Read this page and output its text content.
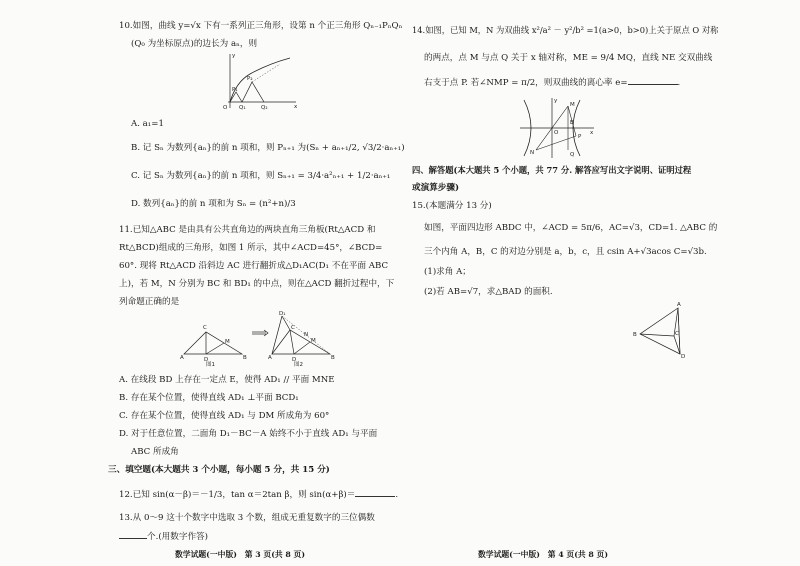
10.如图，曲线 y=√x 下有一系列正三角形，设第 n 个正三角形 Qₙ₋₁PₙQₙ
(Q₀ 为坐标原点)的边长为 aₙ，则
y
x
O
P₁
P₂
Q₁	Q₂
A. a₁=1
B. 记 Sₙ 为数列{aₙ}的前 n 项和，则 Pₙ₊₁ 为(Sₙ + aₙ₊₁/2, √3/2·aₙ₊₁)
C. 记 Sₙ 为数列{aₙ}的前 n 项和，则 Sₙ₊₁ = 3/4·a²ₙ₊₁ + 1/2·aₙ₊₁
D. 数列{aₙ}的前 n 项和为 Sₙ = (n²+n)/3
11.已知△ABC 是由具有公共直角边的两块直角三角板(Rt△ACD 和
Rt△BCD)组成的三角形，如图 1 所示，其中∠ACD=45°，∠BCD=
60°. 现将 Rt△ACD 沿斜边 AC 进行翻折成△D₁AC(D₁ 不在平面 ABC
上)，若 M，N 分别为 BC 和 BD₁ 的中点，则在△ACD 翻折过程中，下
列命题正确的是
A
C
D	B
M
图1
D₁
A
C
D	B
M
N
图2
A. 在线段 BD 上存在一定点 E，使得 AD₁ // 平面 MNE
B. 存在某个位置，使得直线 AD₁ ⊥平面 BCD₁
C. 存在某个位置，使得直线 AD₁ 与 DM 所成角为 60°
D. 对于任意位置，二面角 D₁－BC－A 始终不小于直线 AD₁ 与平面
ABC 所成角
三、填空题(本大题共 3 个小题，每小题 5 分，共 15 分)
12.已知 sin(α－β)＝－1/3，tan α＝2tan β，则 sin(α+β)＝	.
13.从 0～9 这十个数字中选取 3 个数，组成无重复数字的三位偶数
个.(用数字作答)
数学试题(一中版)　第 3 页(共 8 页)
14.如图，已知 M，N 为双曲线 x²/a² － y²/b² =1(a>0，b>0)上关于原点 O 对称
的两点，点 M 与点 Q 关于 x 轴对称，ME = 9/4 MQ，直线 NE 交双曲线
右支于点 P. 若∠NMP = π/2，则双曲线的离心率 e=	.
y
x
O
M
N
E
P
Q
四、解答题(本大题共 5 个小题，共 77 分. 解答应写出文字说明、证明过程
或演算步骤)
15.(本题满分 13 分)
如图，平面四边形 ABDC 中，∠ACD = 5π/6，AC=√3，CD=1. △ABC 的
三个内角 A，B，C 的对边分别是 a，b，c，且 csin A+√3acos C=√3b.
(1)求角 A；
(2)若 AB=√7，求△BAD 的面积.
A
B	C
D
数学试题(一中版)　第 4 页(共 8 页)
